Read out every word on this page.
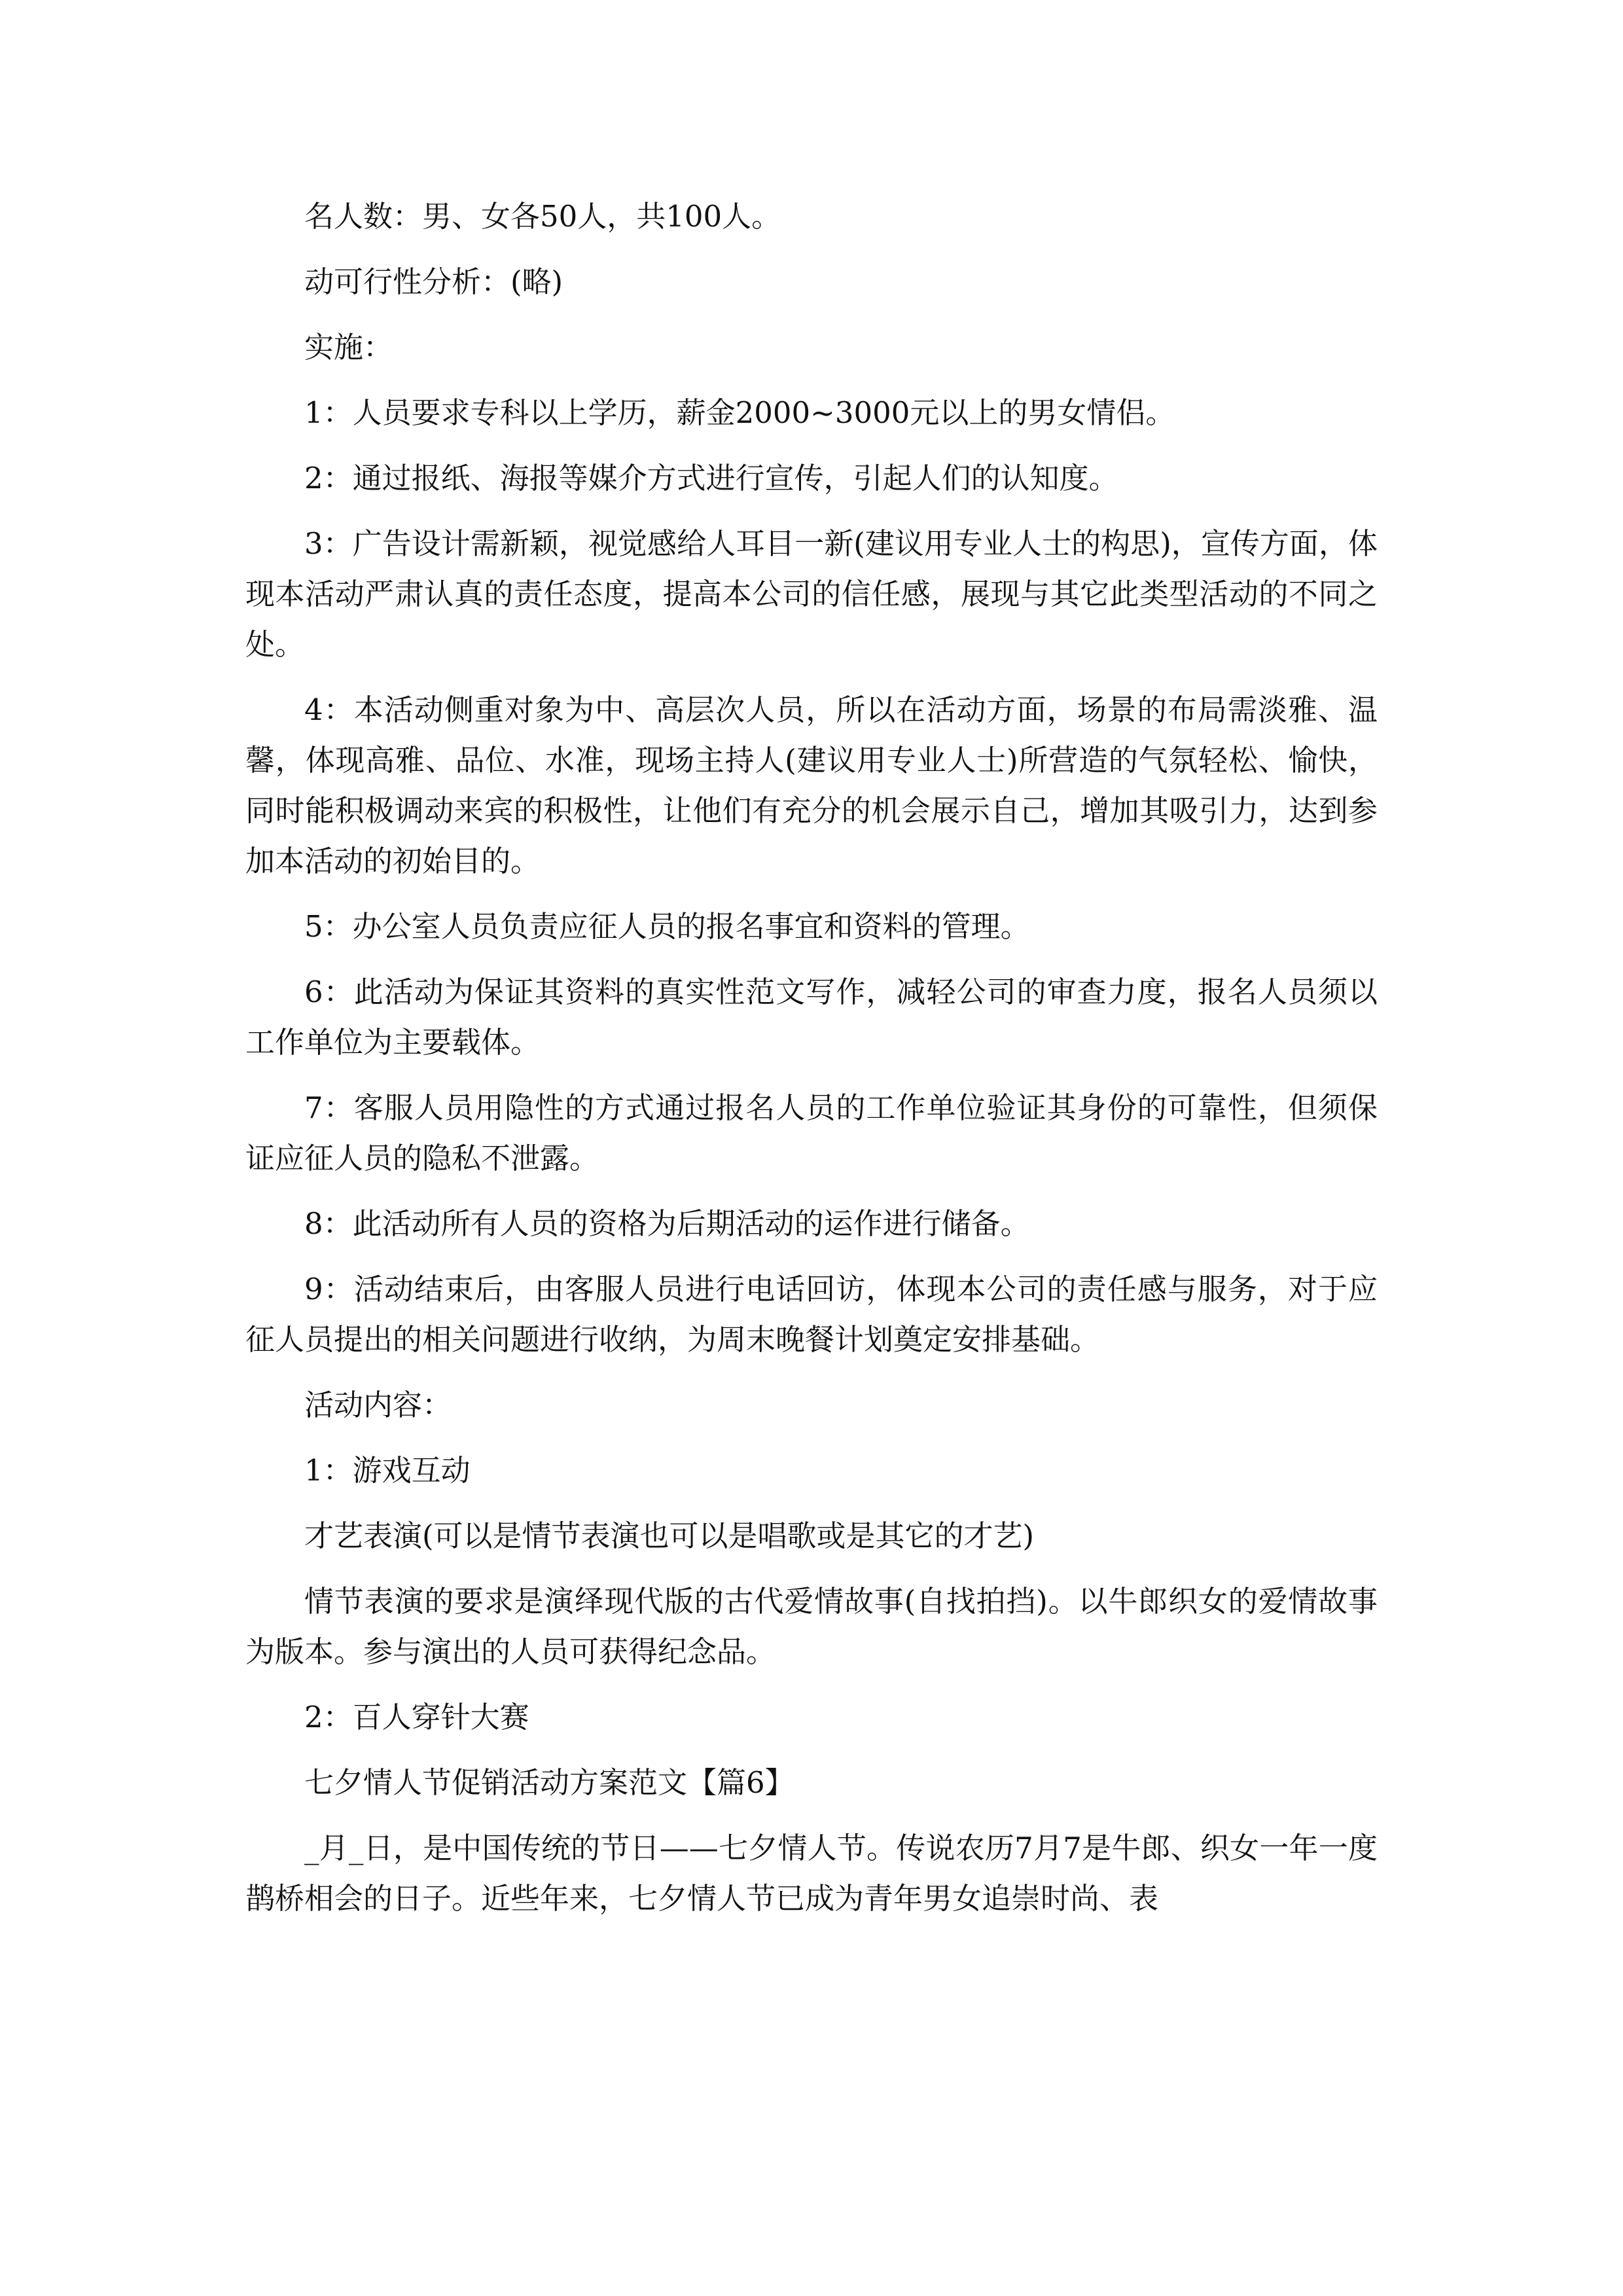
名人数：男、女各50人，共100人。

动可行性分析：(略)

实施：

1：人员要求专科以上学历，薪金2000~3000元以上的男女情侣。

2：通过报纸、海报等媒介方式进行宣传，引起人们的认知度。

3：广告设计需新颖，视觉感给人耳目一新(建议用专业人士的构思)，宣传方面，体现本活动严肃认真的责任态度，提高本公司的信任感，展现与其它此类型活动的不同之处。

4：本活动侧重对象为中、高层次人员，所以在活动方面，场景的布局需淡雅、温馨，体现高雅、品位、水准，现场主持人(建议用专业人士)所营造的气氛轻松、愉快，同时能积极调动来宾的积极性，让他们有充分的机会展示自己，增加其吸引力，达到参加本活动的初始目的。

5：办公室人员负责应征人员的报名事宜和资料的管理。

6：此活动为保证其资料的真实性范文写作，减轻公司的审查力度，报名人员须以工作单位为主要载体。

7：客服人员用隐性的方式通过报名人员的工作单位验证其身份的可靠性，但须保证应征人员的隐私不泄露。

8：此活动所有人员的资格为后期活动的运作进行储备。

9：活动结束后，由客服人员进行电话回访，体现本公司的责任感与服务，对于应征人员提出的相关问题进行收纳，为周末晚餐计划奠定安排基础。

活动内容：

1：游戏互动

才艺表演(可以是情节表演也可以是唱歌或是其它的才艺)

情节表演的要求是演绎现代版的古代爱情故事(自找拍挡)。以牛郎织女的爱情故事为版本。参与演出的人员可获得纪念品。

2：百人穿针大赛

七夕情人节促销活动方案范文【篇6】

_月_日，是中国传统的节日——七夕情人节。传说农历7月7是牛郎、织女一年一度鹊桥相会的日子。近些年来，七夕情人节已成为青年男女追崇时尚、表
